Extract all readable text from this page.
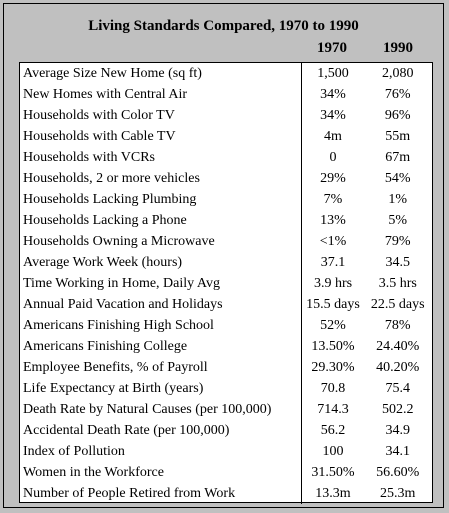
Living Standards Compared, 1970 to 1990
1970	1990
Average Size New Home (sq ft)	1,500	2,080
New Homes with Central Air	34%	76%
Households with Color TV	34%	96%
Households with Cable TV	4m	55m
Households with VCRs	0	67m
Households, 2 or more vehicles	29%	54%
Households Lacking Plumbing	7%	1%
Households Lacking a Phone	13%	5%
Households Owning a Microwave	<1%	79%
Average Work Week (hours)	37.1	34.5
Time Working in Home, Daily Avg	3.9 hrs	3.5 hrs
Annual Paid Vacation and Holidays	15.5 days	22.5 days
Americans Finishing High School	52%	78%
Americans Finishing College	13.50%	24.40%
Employee Benefits, % of Payroll	29.30%	40.20%
Life Expectancy at Birth (years)	70.8	75.4
Death Rate by Natural Causes (per 100,000)	714.3	502.2
Accidental Death Rate (per 100,000)	56.2	34.9
Index of Pollution	100	34.1
Women in the Workforce	31.50%	56.60%
Number of People Retired from Work	13.3m	25.3m
